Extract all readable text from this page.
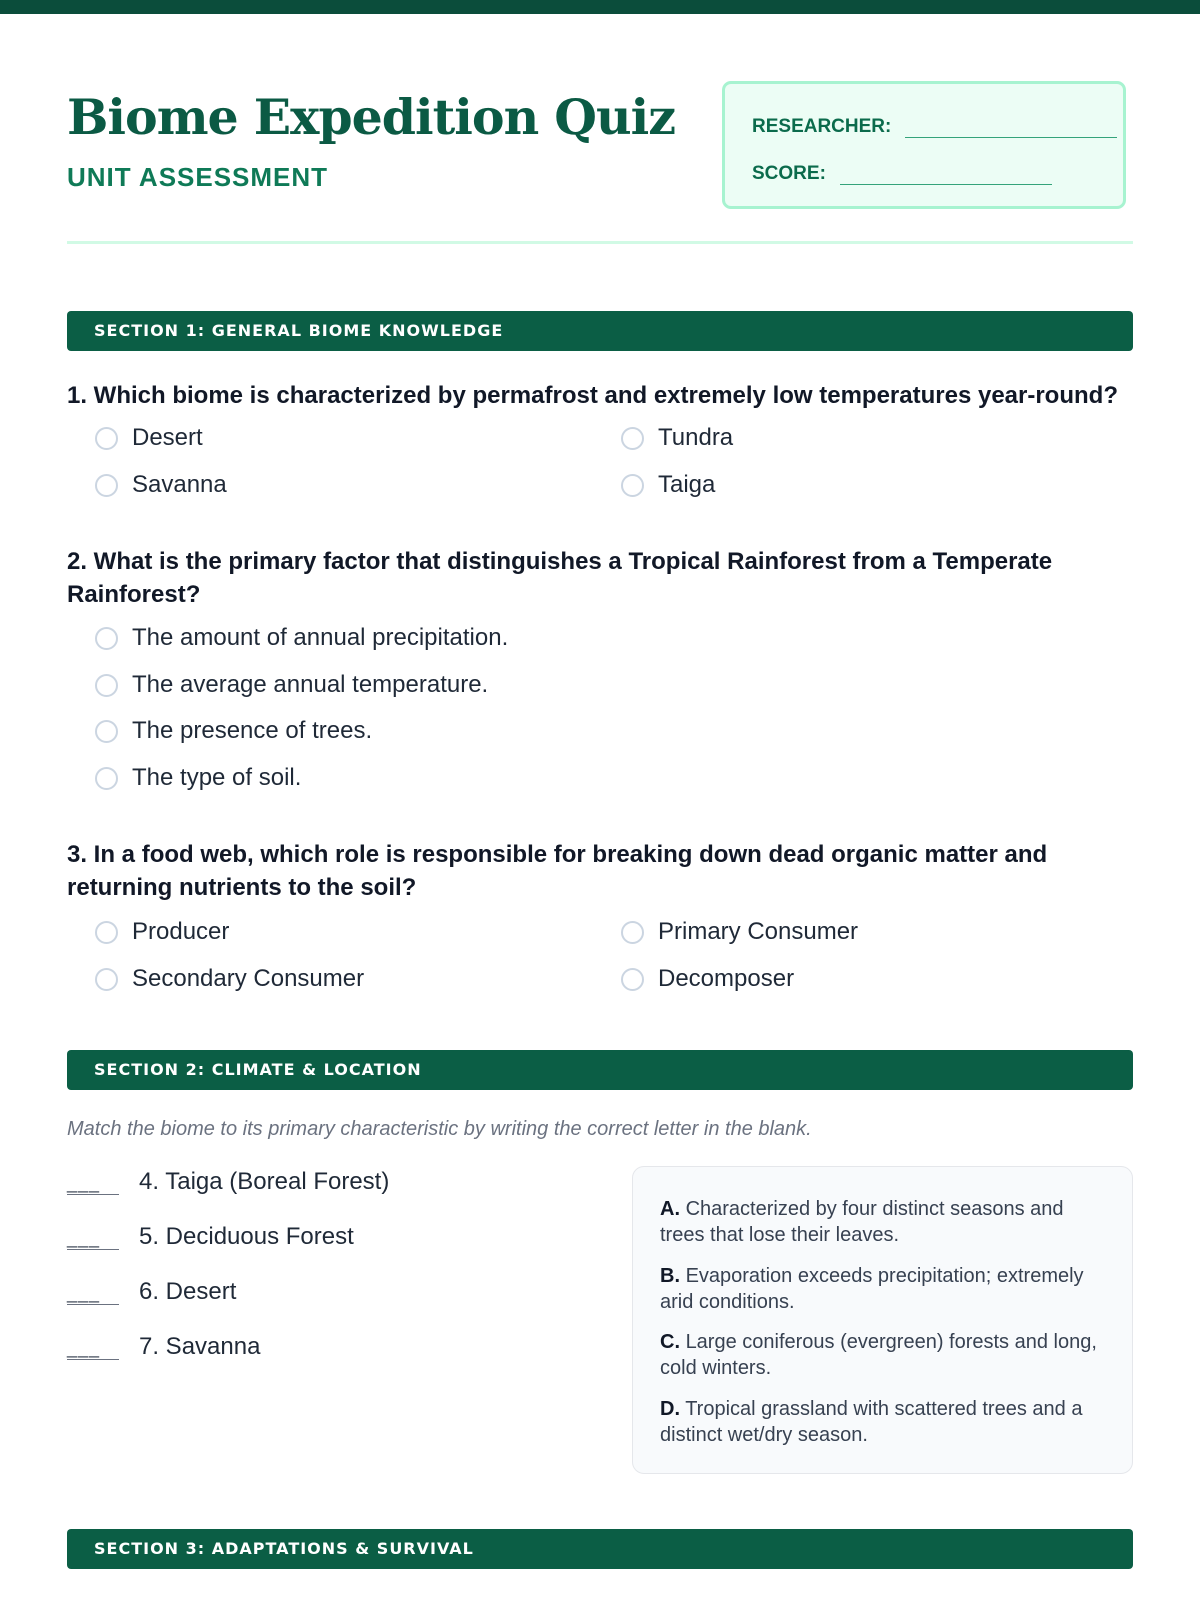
Biome Expedition Quiz
UNIT ASSESSMENT
RESEARCHER:
SCORE:
SECTION 1: GENERAL BIOME KNOWLEDGE
1. Which biome is characterized by permafrost and extremely low temperatures year-round?
Desert	Tundra
Savanna	Taiga
2. What is the primary factor that distinguishes a Tropical Rainforest from a Temperate Rainforest?
The amount of annual precipitation.
The average annual temperature.
The presence of trees.
The type of soil.
3. In a food web, which role is responsible for breaking down dead organic matter and returning nutrients to the soil?
Producer	Primary Consumer
Secondary Consumer	Decomposer
SECTION 2: CLIMATE & LOCATION
Match the biome to its primary characteristic by writing the correct letter in the blank.
___	4. Taiga (Boreal Forest)
___	5. Deciduous Forest
___	6. Desert
___	7. Savanna
A. Characterized by four distinct seasons and trees that lose their leaves.
B. Evaporation exceeds precipitation; extremely arid conditions.
C. Large coniferous (evergreen) forests and long, cold winters.
D. Tropical grassland with scattered trees and a distinct wet/dry season.
SECTION 3: ADAPTATIONS & SURVIVAL
